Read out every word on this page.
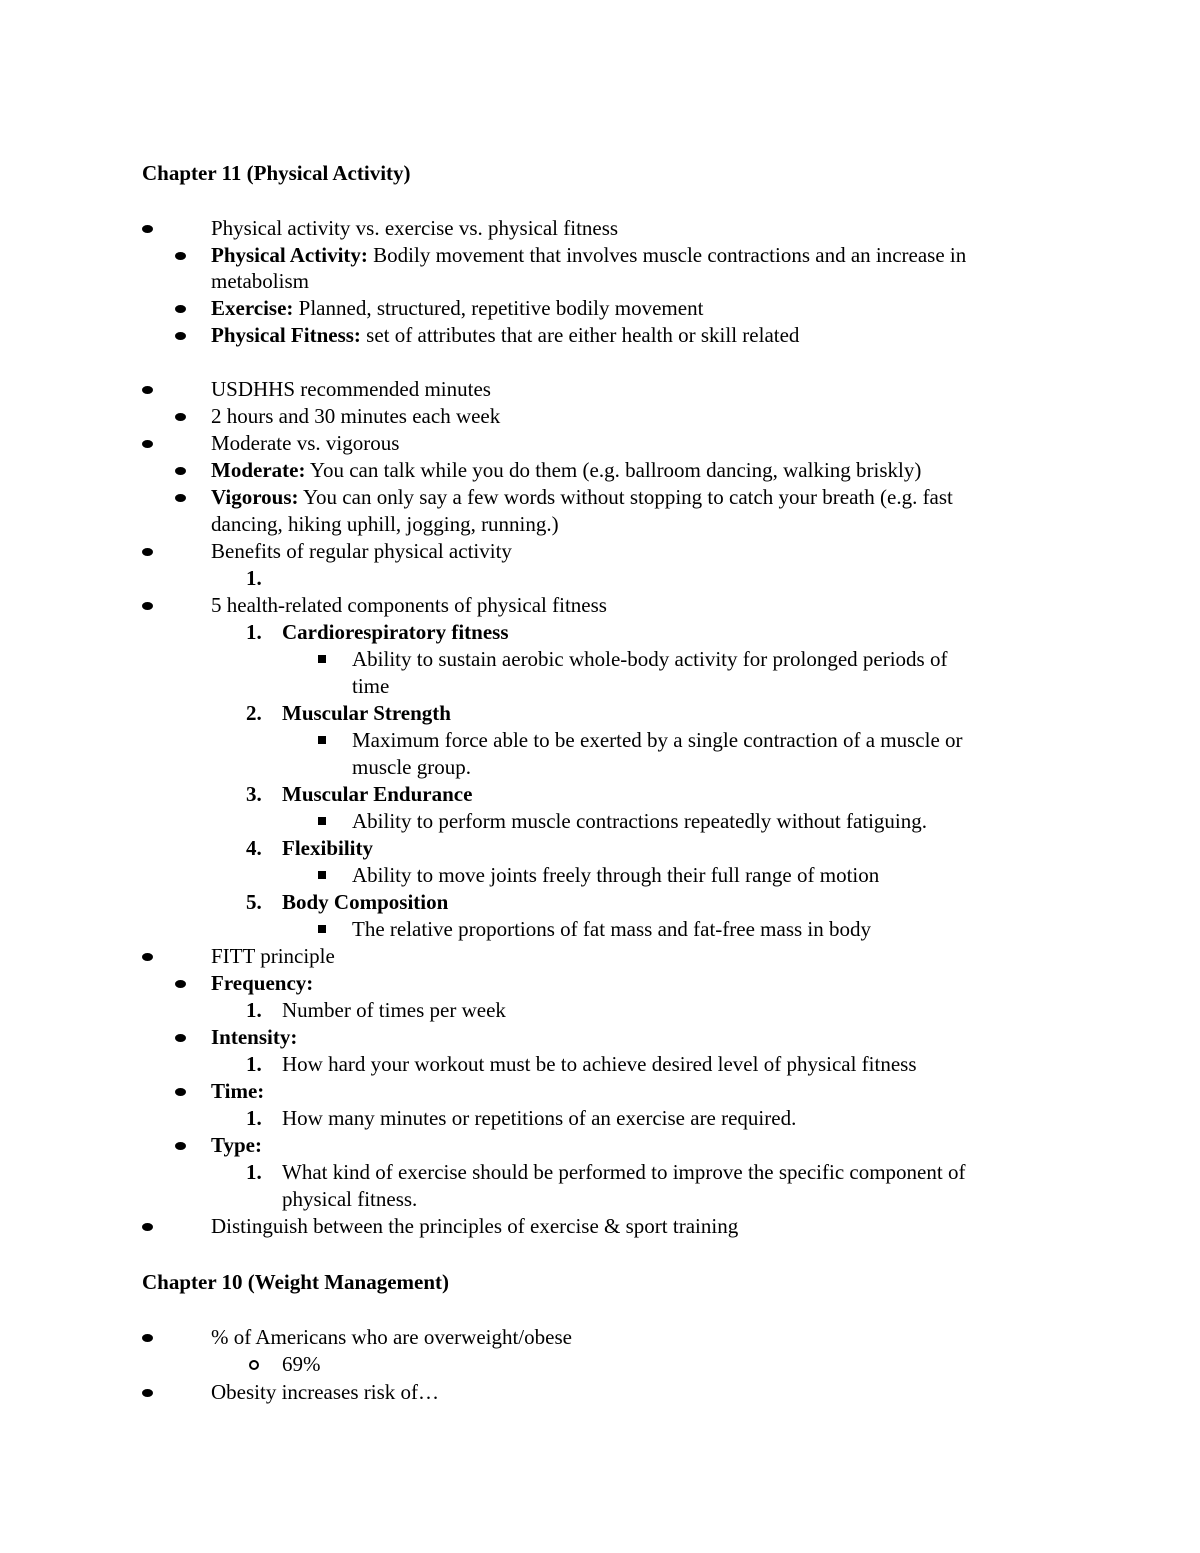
Chapter 11 (Physical Activity)
Physical activity vs. exercise vs. physical fitness
Physical Activity: Bodily movement that involves muscle contractions and an increase in
metabolism
Exercise: Planned, structured, repetitive bodily movement
Physical Fitness: set of attributes that are either health or skill related
USDHHS recommended minutes
2 hours and 30 minutes each week
Moderate vs. vigorous
Moderate: You can talk while you do them (e.g. ballroom dancing, walking briskly)
Vigorous: You can only say a few words without stopping to catch your breath (e.g. fast
dancing, hiking uphill, jogging, running.)
Benefits of regular physical activity
1.
5 health-related components of physical fitness
1. Cardiorespiratory fitness
Ability to sustain aerobic whole-body activity for prolonged periods of
time
2. Muscular Strength
Maximum force able to be exerted by a single contraction of a muscle or
muscle group.
3. Muscular Endurance
Ability to perform muscle contractions repeatedly without fatiguing.
4. Flexibility
Ability to move joints freely through their full range of motion
5. Body Composition
The relative proportions of fat mass and fat-free mass in body
FITT principle
Frequency:
1. Number of times per week
Intensity:
1. How hard your workout must be to achieve desired level of physical fitness
Time:
1. How many minutes or repetitions of an exercise are required.
Type:
1. What kind of exercise should be performed to improve the specific component of
physical fitness.
Distinguish between the principles of exercise & sport training
Chapter 10 (Weight Management)
% of Americans who are overweight/obese
69%
Obesity increases risk of…
